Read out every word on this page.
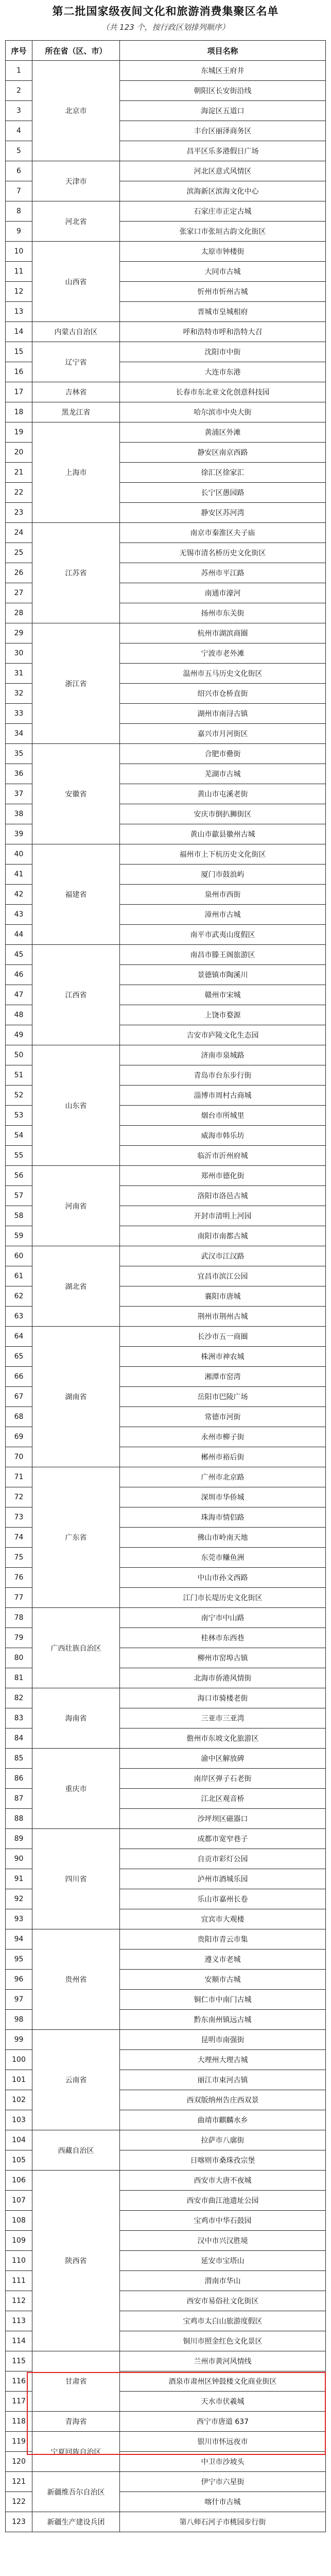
第二批国家级夜间文化和旅游消费集聚区名单
（共 123 个，按行政区划排列顺序）
序号	所在省（区、市）	项目名称
1	北京市	东城区王府井
2		朝阳区长安街沿线
3		海淀区五道口
4		丰台区丽泽商务区
5		昌平区乐多港假日广场
6	天津市	河北区意式风情区
7		滨海新区滨海文化中心
8	河北省	石家庄市正定古城
9		张家口市张垣古韵文化街区
10	山西省	太原市钟楼街
11		大同市古城
12		忻州市忻州古城
13		晋城市皇城相府
14	内蒙古自治区	呼和浩特市呼和浩特大召
15	辽宁省	沈阳市中街
16		大连市东港
17	吉林省	长春市东北亚文化创意科技园
18	黑龙江省	哈尔滨市中央大街
19	上海市	黄浦区外滩
20		静安区南京西路
21		徐汇区徐家汇
22		长宁区愚园路
23		静安区苏河湾
24	江苏省	南京市秦淮区夫子庙
25		无锡市清名桥历史文化街区
26		苏州市平江路
27		南通市濠河
28		扬州市东关街
29	浙江省	杭州市湖滨商圈
30		宁波市老外滩
31		温州市五马历史文化街区
32		绍兴市仓桥直街
33		湖州市南浔古镇
34		嘉兴市月河街区
35	安徽省	合肥市罍街
36		芜湖市古城
37		黄山市屯溪老街
38		安庆市倒扒狮街区
39		黄山市歙县徽州古城
40	福建省	福州市上下杭历史文化街区
41		厦门市鼓浪屿
42		泉州市西街
43		漳州市古城
44		南平市武夷山度假区
45	江西省	南昌市滕王阁旅游区
46		景德镇市陶溪川
47		赣州市宋城
48		上饶市婺源
49		吉安市庐陵文化生态园
50	山东省	济南市泉城路
51		青岛市台东步行街
52		淄博市周村古商城
53		烟台市所城里
54		威海市韩乐坊
55		临沂市沂州府城
56	河南省	郑州市德化街
57		洛阳市洛邑古城
58		开封市清明上河园
59		南阳市南都古城
60	湖北省	武汉市江汉路
61		宜昌市滨江公园
62		襄阳市唐城
63		荆州市荆州古城
64	湖南省	长沙市五一商圈
65		株洲市神农城
66		湘潭市窑湾
67		岳阳市巴陵广场
68		常德市河街
69		永州市柳子街
70		郴州市裕后街
71	广东省	广州市北京路
72		深圳市华侨城
73		珠海市情侣路
74		佛山市岭南天地
75		东莞市鳒鱼洲
76		中山市孙文西路
77		江门市长堤历史文化街区
78	广西壮族自治区	南宁市中山路
79		桂林市东西巷
80		柳州市窑埠古镇
81		北海市侨港风情街
82	海南省	海口市骑楼老街
83		三亚市三亚湾
84		儋州市东坡文化旅游区
85	重庆市	渝中区解放碑
86		南岸区弹子石老街
87		江北区观音桥
88		沙坪坝区磁器口
89	四川省	成都市宽窄巷子
90		自贡市彩灯公园
91		泸州市酒城乐园
92		乐山市嘉州长卷
93		宜宾市大观楼
94	贵州省	贵阳市青云市集
95		遵义市老城
96		安顺市古城
97		铜仁市中南门古城
98		黔东南州镇远古城
99	云南省	昆明市南强街
100		大理州大理古城
101		丽江市束河古镇
102		西双版纳州告庄西双景
103		曲靖市麒麟水乡
104	西藏自治区	拉萨市八廓街
105		日喀则市桑珠孜宗堡
106	陕西省	西安市大唐不夜城
107		西安市曲江池遗址公园
108		宝鸡市中华石鼓园
109		汉中市兴汉胜境
110		延安市宝塔山
111		渭南市华山
112		西安市易俗社文化街区
113		宝鸡市太白山旅游度假区
114		铜川市照金红色文化景区
115	甘肃省	兰州市黄河风情线
116		酒泉市肃州区钟鼓楼文化商业街区
117		天水市伏羲城
118	青海省	西宁市唐道 637
119	宁夏回族自治区	银川市怀远夜市
120		中卫市沙坡头
121	新疆维吾尔自治区	伊宁市六星街
122		喀什市古城
123	新疆生产建设兵团	第八师石河子市桃园步行街
